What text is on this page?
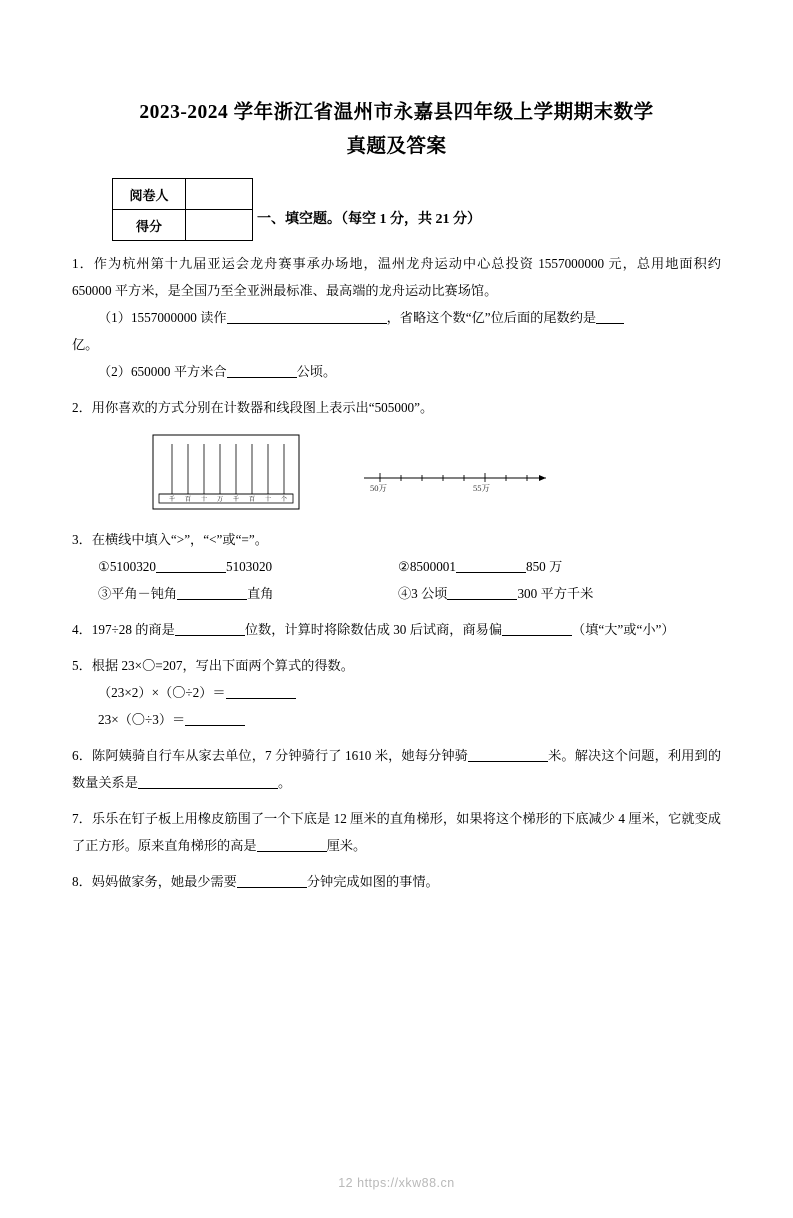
2023-2024 学年浙江省温州市永嘉县四年级上学期期末数学
真题及答案
阅卷人	
得分		一、填空题。（每空 1 分，共 21 分）
1．作为杭州第十九届亚运会龙舟赛事承办场地，温州龙舟运动中心总投资 1557000000 元，总用地面积约 650000 平方米，是全国乃至全亚洲最标准、最高端的龙舟运动比赛场馆。
（1）1557000000 读作	，省略这个数“亿”位后面的尾数约是
亿。
（2）650000 平方米合	公顷。
2．用你喜欢的方式分别在计数器和线段图上表示出“505000”。
千 百 十 万 千 百 十 个
50万	55万
3．在横线中填入“>”，“<”或“=”。
①5100320	5103020	②8500001	850 万
③平角－钝角	直角	④3 公顷	300 平方千米
4．197÷28 的商是	位数，计算时将除数估成 30 后试商，商易偏	（填“大”或“小”）
5．根据 23×〇=207，写出下面两个算式的得数。
（23×2）×（〇÷2）＝
23×（〇÷3）＝
6．陈阿姨骑自行车从家去单位，7 分钟骑行了 1610 米，她每分钟骑	米。解决这个问题，利用到的数量关系是	。
7．乐乐在钉子板上用橡皮筋围了一个下底是 12 厘米的直角梯形，如果将这个梯形的下底减少 4 厘米，它就变成了正方形。原来直角梯形的高是	厘米。
8．妈妈做家务，她最少需要	分钟完成如图的事情。
12 https://xkw88.cn
